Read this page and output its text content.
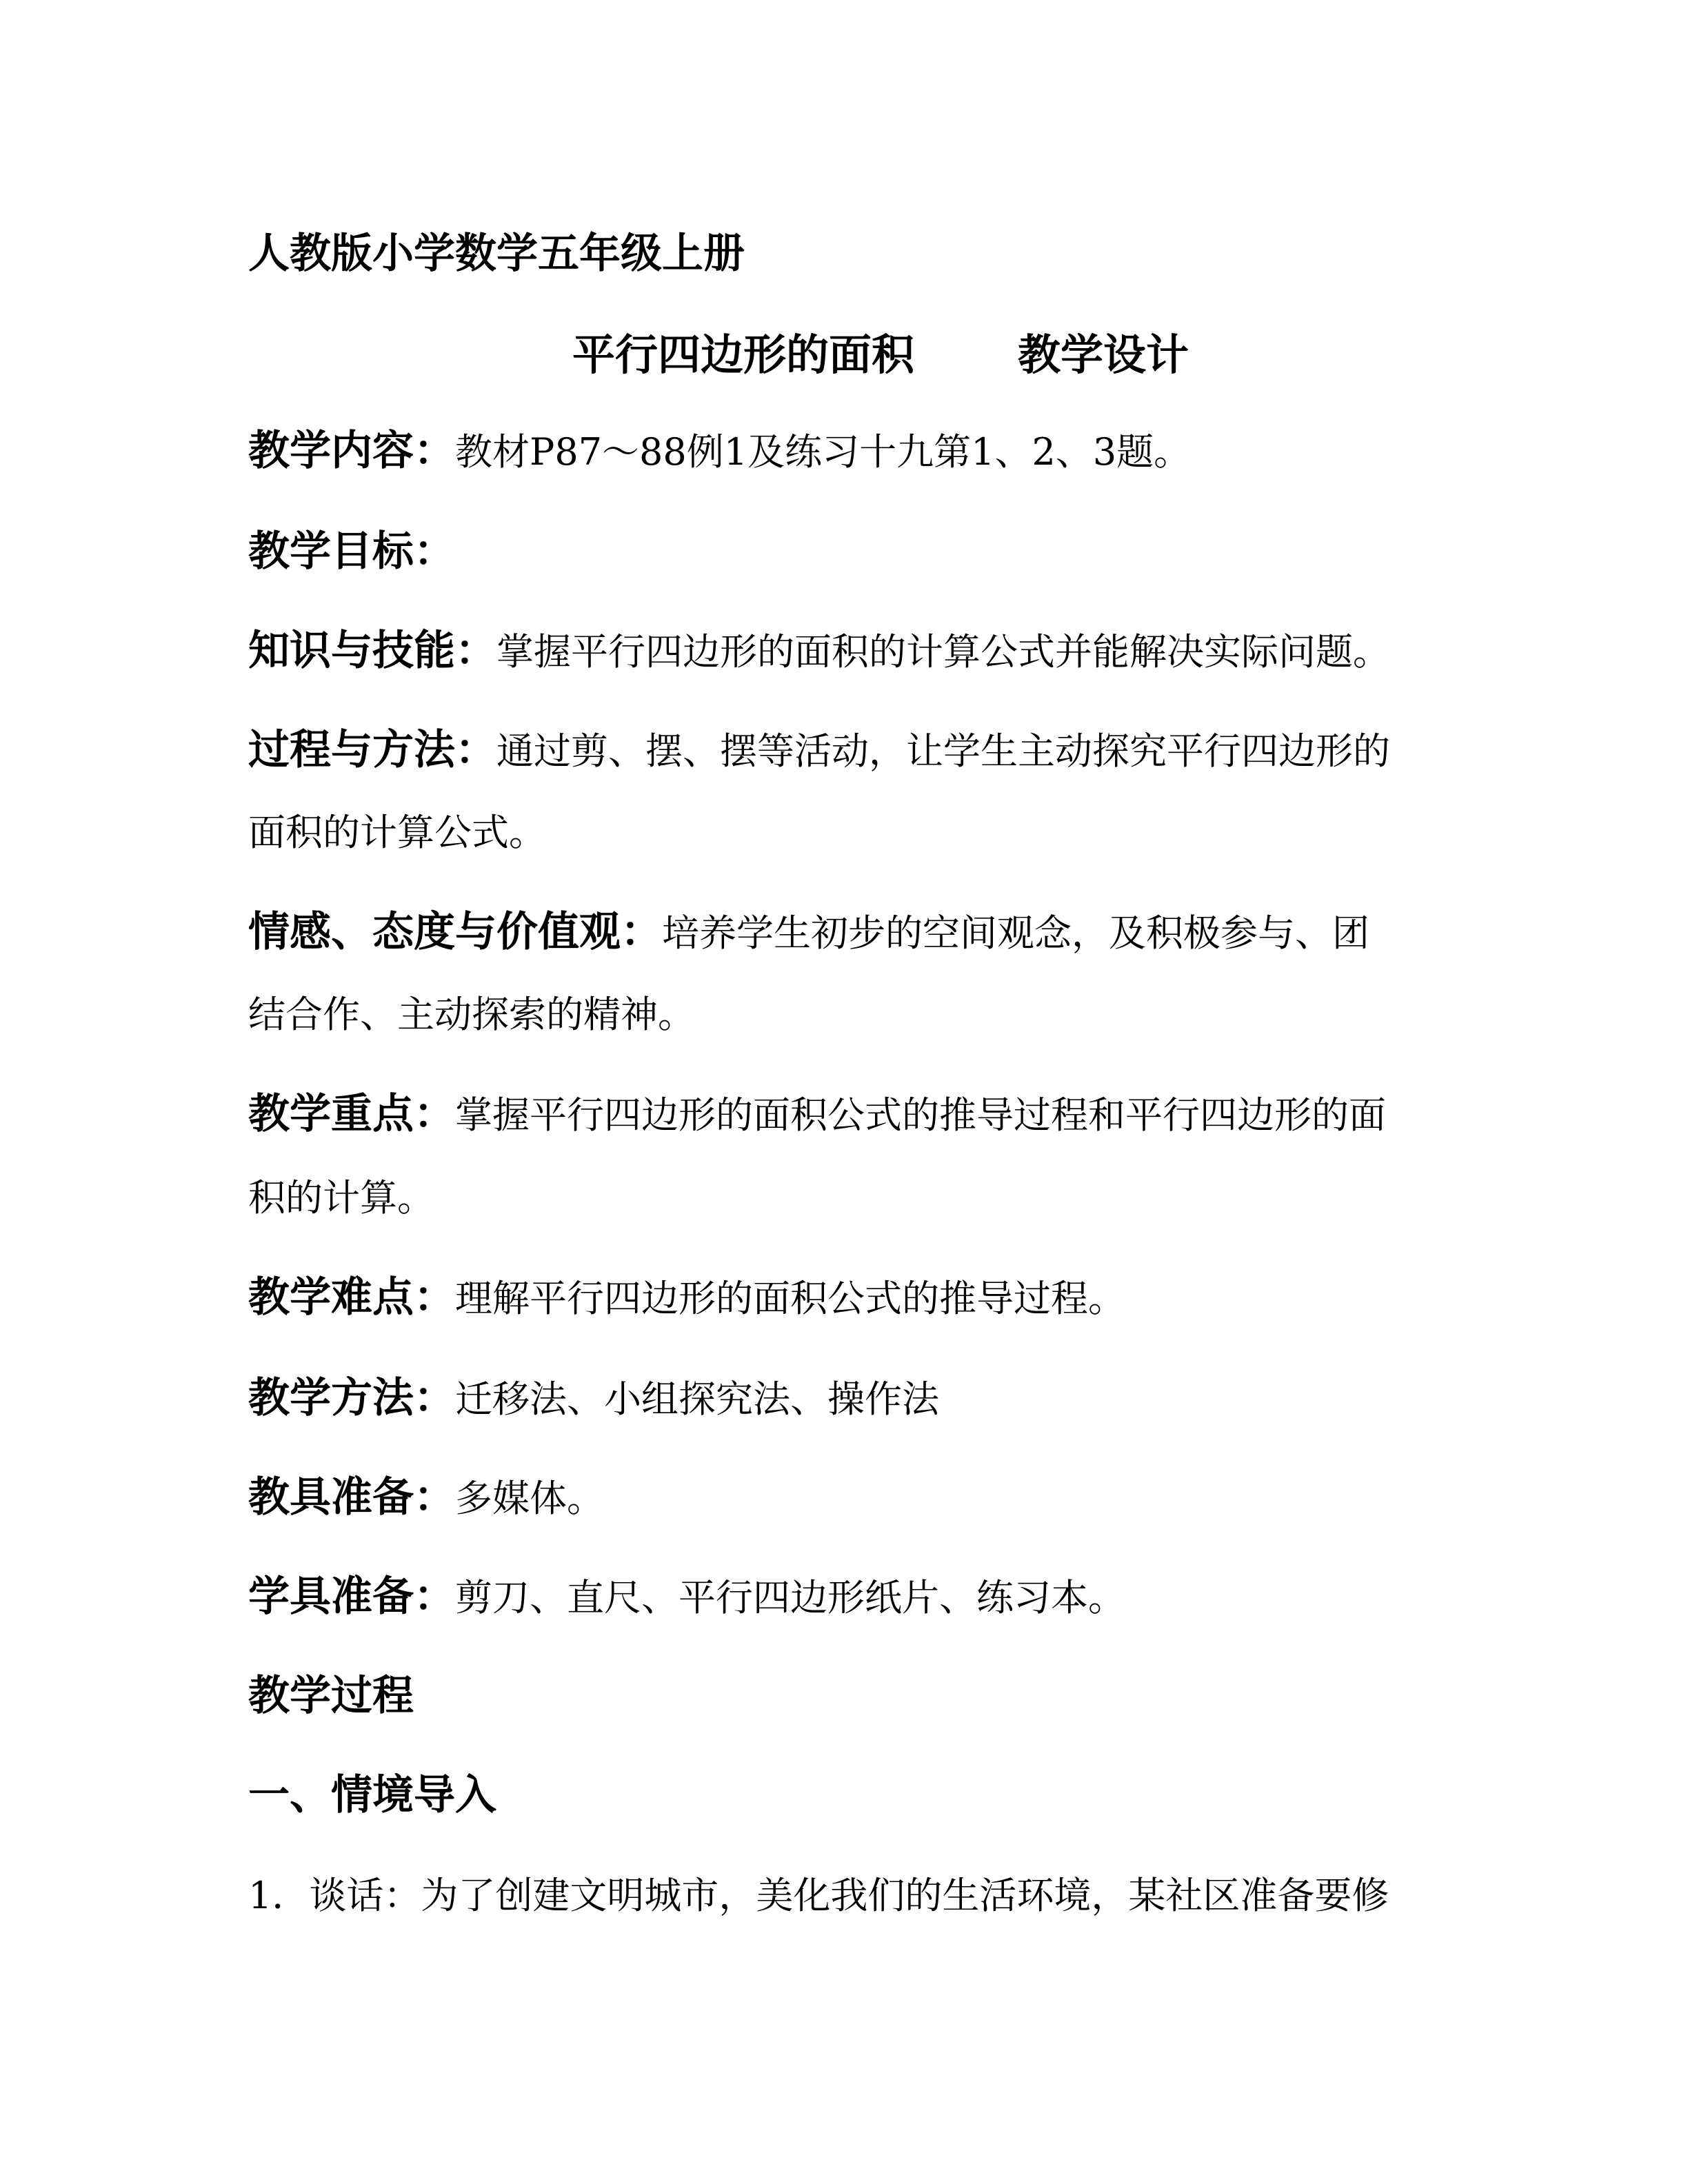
人教版小学数学五年级上册
平行四边形的面积 教学设计
教学内容：教材P87～88例1及练习十九第1、2、3题。
教学目标：
知识与技能：掌握平行四边形的面积的计算公式并能解决实际问题。
过程与方法：通过剪、摆、摆等活动，让学生主动探究平行四边形的
面积的计算公式。
情感、态度与价值观：培养学生初步的空间观念，及积极参与、团
结合作、主动探索的精神。
教学重点：掌握平行四边形的面积公式的推导过程和平行四边形的面
积的计算。
教学难点：理解平行四边形的面积公式的推导过程。
教学方法：迁移法、小组探究法、操作法
教具准备：多媒体。
学具准备：剪刀、直尺、平行四边形纸片、练习本。
教学过程
一、情境导入
1．谈话：为了创建文明城市，美化我们的生活环境，某社区准备要修
